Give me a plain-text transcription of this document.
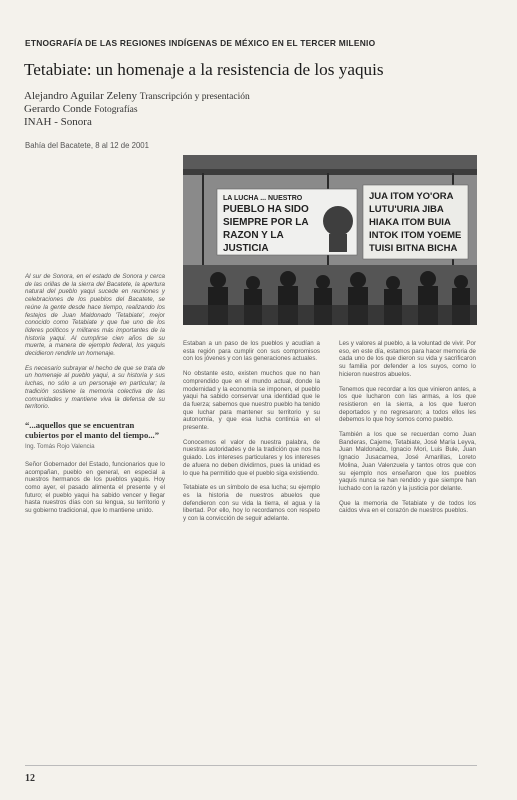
ETNOGRAFÍA DE LAS REGIONES INDÍGENAS DE MÉXICO EN EL TERCER MILENIO
Tetabiate: un homenaje a la resistencia de los yaquis
Alejandro Aguilar Zeleny Transcripción y presentación
Gerardo Conde Fotografías
INAH - Sonora
Bahía del Bacatete, 8 al 12 de 2001
LA LUCHA ... NUESTRO
PUEBLO HA SIDO
SIEMPRE POR LA
RAZON Y LA
JUSTICIA
JUA ITOM YO'ORA
LUTU'URIA JIBA
HIAKA ITOM BUIA
INTOK ITOM YOEME
TUISI BITNA BICHA
Al sur de Sonora, en el estado de Sonora y cerca de las orillas de la sierra del Bacatete, la apertura natural del pueblo yaqui sucede en reuniones y celebraciones de los pueblos del Bacatete, se reúne la gente desde hace tiempo, realizando los festejos de Juan Maldonado 'Tetabiate', mejor conocido como Tetabiate y que fue uno de los líderes políticos y militares más importantes de la historia yaqui. Al cumplirse cien años de su muerte, a manera de ejemplo federal, los yaquis decidieron rendirle un homenaje.
Es necesario subrayar el hecho de que se trata de un homenaje al pueblo yaqui, a su historia y sus luchas, no sólo a un personaje en particular; la tradición sostiene la memoria colectiva de las comunidades y mantiene viva la defensa de su territorio.
“...aquellos que se encuentran cubiertos por el manto del tiempo...”
Ing. Tomás Rojo Valencia
Señor Gobernador del Estado, funcionarios que lo acompañan, pueblo en general, en especial a nuestros hermanos de los pueblos yaquis. Hoy como ayer, el pasado alimenta el presente y el futuro; el pueblo yaqui ha sabido vencer y llegar hasta nuestros días con su lengua, su territorio y su gobierno tradicional, que lo mantiene unido.
Estaban a un paso de los pueblos y acudían a esta región para cumplir con sus compromisos con los jóvenes y con las generaciones actuales.
No obstante esto, existen muchos que no han comprendido que en el mundo actual, donde la modernidad y la economía se imponen, el pueblo yaqui ha sabido conservar una identidad que le da fuerza; sabemos que nuestro pueblo ha tenido que luchar para mantener su territorio y su autonomía, y que esa lucha continúa en el presente.
Conocemos el valor de nuestra palabra, de nuestras autoridades y de la tradición que nos ha guiado. Los intereses particulares y los intereses de afuera no deben dividirnos, pues la unidad es lo que ha permitido que el pueblo siga existiendo.
Tetabiate es un símbolo de esa lucha; su ejemplo es la historia de nuestros abuelos que defendieron con su vida la tierra, el agua y la libertad. Por ello, hoy lo recordamos con respeto y con la convicción de seguir adelante.
Les y valores al pueblo, a la voluntad de vivir. Por eso, en este día, estamos para hacer memoria de cada uno de los que dieron su vida y sacrificaron su familia por defender a los suyos, como lo hicieron nuestros abuelos.
Tenemos que recordar a los que vinieron antes, a los que lucharon con las armas, a los que resistieron en la sierra, a los que fueron deportados y no regresaron; a todos ellos les debemos lo que hoy somos como pueblo.
También a los que se recuerdan como Juan Banderas, Cajeme, Tetabiate, José María Leyva, Juan Maldonado, Ignacio Mori, Luis Bule, Juan Ignacio Jusacamea, José Amarillas, Loreto Molina, Juan Valenzuela y tantos otros que con su ejemplo nos enseñaron que los pueblos yaquis nunca se han rendido y que siempre han luchado con la razón y la justicia por delante.
Que la memoria de Tetabiate y de todos los caídos viva en el corazón de nuestros pueblos.
12
